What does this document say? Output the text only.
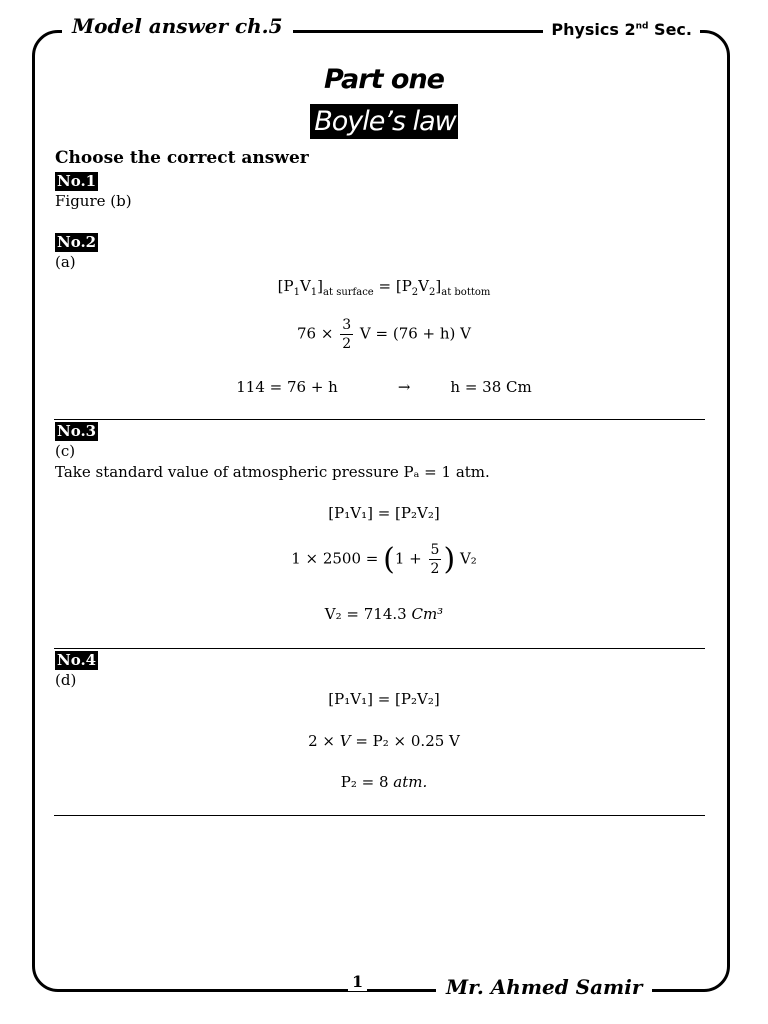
Model answer ch.5	Physics 2nd Sec.
Part one
Boyle’s law
Choose the correct answer
No.1
Figure (b)
No.2
(a)
$[P_1V_1]_{at surface} = [P_2V_2]_{at bottom}$
$76 \times \frac{3}{2}$ V = (76 + h) V
114 = 76 + h	→	h = 38 Cm
No.3
(c)
Take standard value of atmospheric pressure Pₐ = 1 atm.
[P₁V₁] = [P₂V₂]
$1 \times 2500 = (1 + \frac{5}{2}$ ) V₂
V₂ = 714.3 Cm³
No.4
(d)
[P₁V₁] = [P₂V₂]
2 × V = P₂ × 0.25 V
P₂ = 8 atm.
1	Mr. Ahmed Samir
